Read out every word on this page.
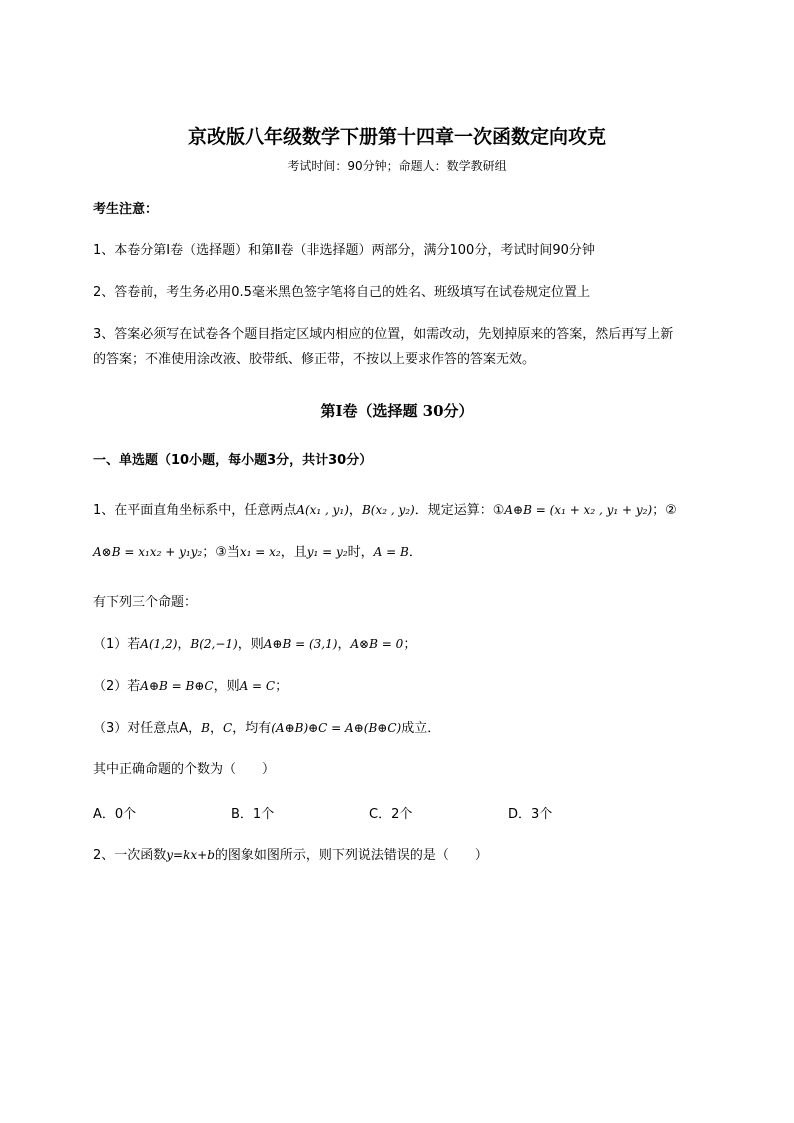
京改版八年级数学下册第十四章一次函数定向攻克
考试时间：90分钟；命题人：数学教研组
考生注意：
1、本卷分第I卷（选择题）和第Ⅱ卷（非选择题）两部分，满分100分，考试时间90分钟
2、答卷前，考生务必用0.5毫米黑色签字笔将自己的姓名、班级填写在试卷规定位置上
3、答案必须写在试卷各个题目指定区域内相应的位置，如需改动，先划掉原来的答案，然后再写上新
的答案；不准使用涂改液、胶带纸、修正带，不按以上要求作答的答案无效。
第I卷（选择题 30分）
一、单选题（10小题，每小题3分，共计30分）
1、在平面直角坐标系中，任意两点A(x₁ , y₁)，B(x₂ , y₂)．规定运算：①A⊕B = (x₁ + x₂ , y₁ + y₂)；②
A⊗B = x₁x₂ + y₁y₂；③当x₁ = x₂，且y₁ = y₂时，A = B．
有下列三个命题：
（1）若A(1,2)，B(2,−1)，则A⊕B = (3,1)，A⊗B = 0；
（2）若A⊕B = B⊕C，则A = C；
（3）对任意点A，B，C，均有(A⊕B)⊕C = A⊕(B⊕C)成立．
其中正确命题的个数为（　　）
A．0个	B．1个	C．2个	D．3个
2、一次函数y=kx+b的图象如图所示，则下列说法错误的是（　　）
